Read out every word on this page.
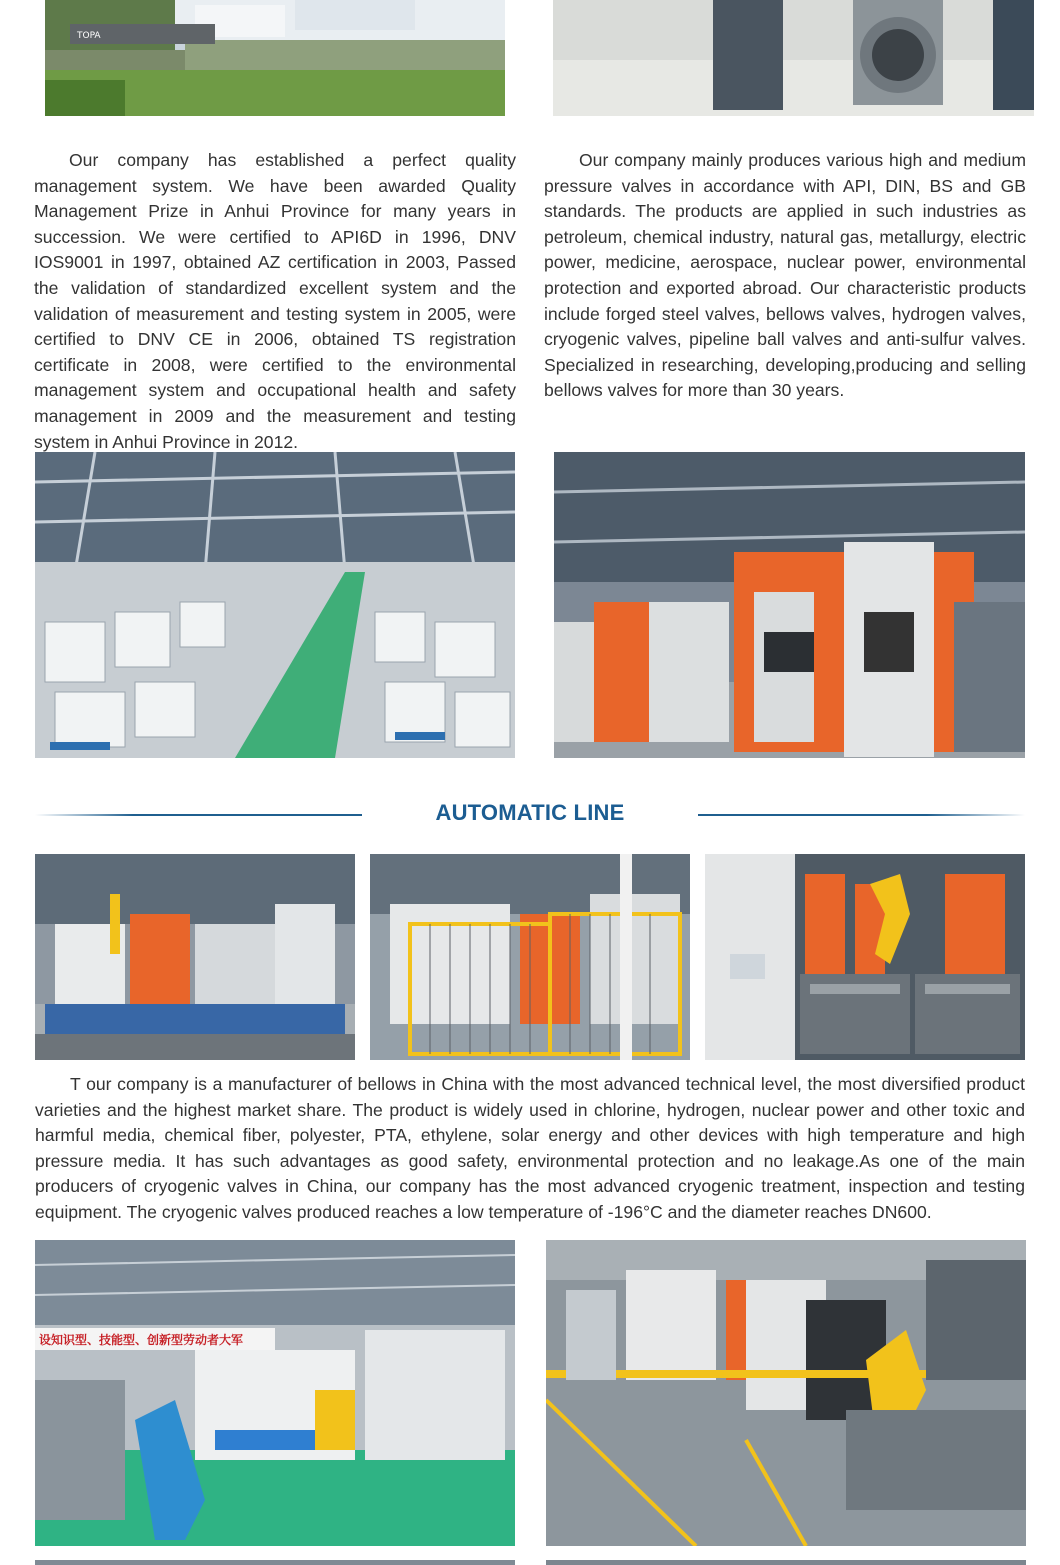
TOPA

Our company has established a perfect quality management system. We have been awarded Quality Management Prize in Anhui Province for many years in succession. We were certified to API6D in 1996, DNV IOS9001 in 1997, obtained AZ certification in 2003, Passed the validation of standardized excellent system and the validation of measurement and testing system in 2005, were certified to DNV CE in 2006, obtained TS registration certificate in 2008, were certified to the environmental management system and occupational health and safety management in 2009 and the measurement and testing system in Anhui Province in 2012.

Our company mainly produces various high and medium pressure valves in accordance with API, DIN, BS and GB standards. The products are applied in such industries as petroleum, chemical industry, natural gas, metallurgy, electric power, medicine, aerospace, nuclear power, environmental protection and exported abroad. Our characteristic products include forged steel valves, bellows valves, hydrogen valves, cryogenic valves, pipeline ball valves and anti-sulfur valves. Specialized in researching, developing,producing and selling bellows valves for more than 30 years.

AUTOMATIC LINE

T our company is a manufacturer of bellows in China with the most advanced technical level, the most diversified product varieties and the highest market share. The product is widely used in chlorine, hydrogen, nuclear power and other toxic and harmful media, chemical fiber, polyester, PTA, ethylene, solar energy and other devices with high temperature and high pressure media. It has such advantages as good safety, environmental protection and no leakage.As one of the main producers of cryogenic valves in China, our company has the most advanced cryogenic treatment, inspection and testing equipment. The cryogenic valves produced reaches a low temperature of -196°C and the diameter reaches DN600.

设知识型、技能型、创新型劳动者大军
